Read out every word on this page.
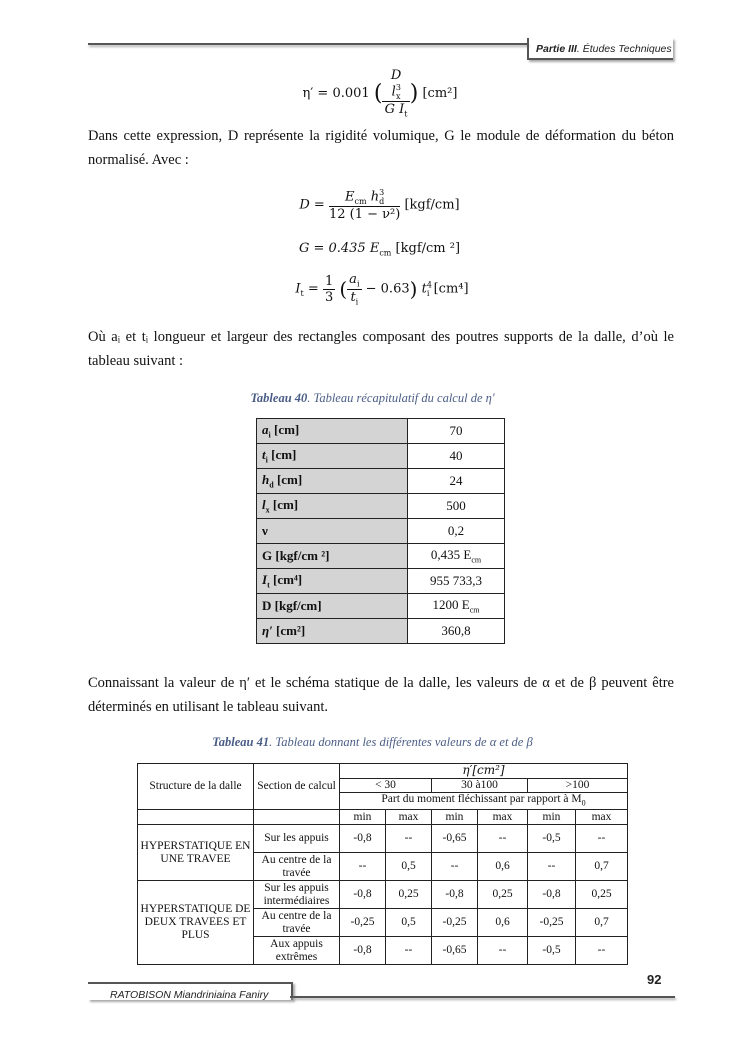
Partie III. Études Techniques
η′ = 0.001 ( $\frac{D l^3_x}{G I_t}$ ) [cm²]
Dans cette expression, D représente la rigidité volumique, G le module de déformation du béton normalisé. Avec :
$D = \frac{E_{cm} h^3_d}{\text{12 (1 − ν²)}} [kgf/cm]$
G = 0.435 $E_{cm}$ [kgf/cm ²]
$I_t = \frac{1}{3}$ ( $\frac{a_i}{t_i} - 0.63$) $t^4_i$ [cm⁴]
Où aᵢ et tᵢ longueur et largeur des rectangles composant des poutres supports de la dalle, d’où le tableau suivant :
Tableau 40. Tableau récapitulatif du calcul de η′
$a_i$ [cm]	70
$t_i$ [cm]	40
$h_d$ [cm]	24
$l_x$ [cm]	500
ν	0,2
G [kgf/cm ²]	0,435 $E_{cm}$
$I_t$ [cm⁴]	955 733,3
D [kgf/cm]	1200 $E_{cm}$
η′ [cm²]	360,8
Connaissant la valeur de η′ et le schéma statique de la dalle, les valeurs de α et de β peuvent être déterminés en utilisant le tableau suivant.
Tableau 41. Tableau donnant les différentes valeurs de α et de β
Structure de la dalle	Section de calcul	η′[cm²]					
		< 30		30 à100		>100	
		Part du moment fléchissant par rapport à $M_0$
		min	max	min	max	min	max
HYPERSTATIQUE EN UNE TRAVEE	Sur les appuis	-0,8	--	-0,65	--	-0,5	--
	Au centre de la travée	--	0,5	--	0,6	--	0,7
HYPERSTATIQUE DE DEUX TRAVEES ET PLUS	Sur les appuis intermédiaires	-0,8	0,25	-0,8	0,25	-0,8	0,25
	Au centre de la travée	-0,25	0,5	-0,25	0,6	-0,25	0,7
	Aux appuis extrêmes	-0,8	--	-0,65	--	-0,5	--
92
RATOBISON Miandriniaina Faniry
